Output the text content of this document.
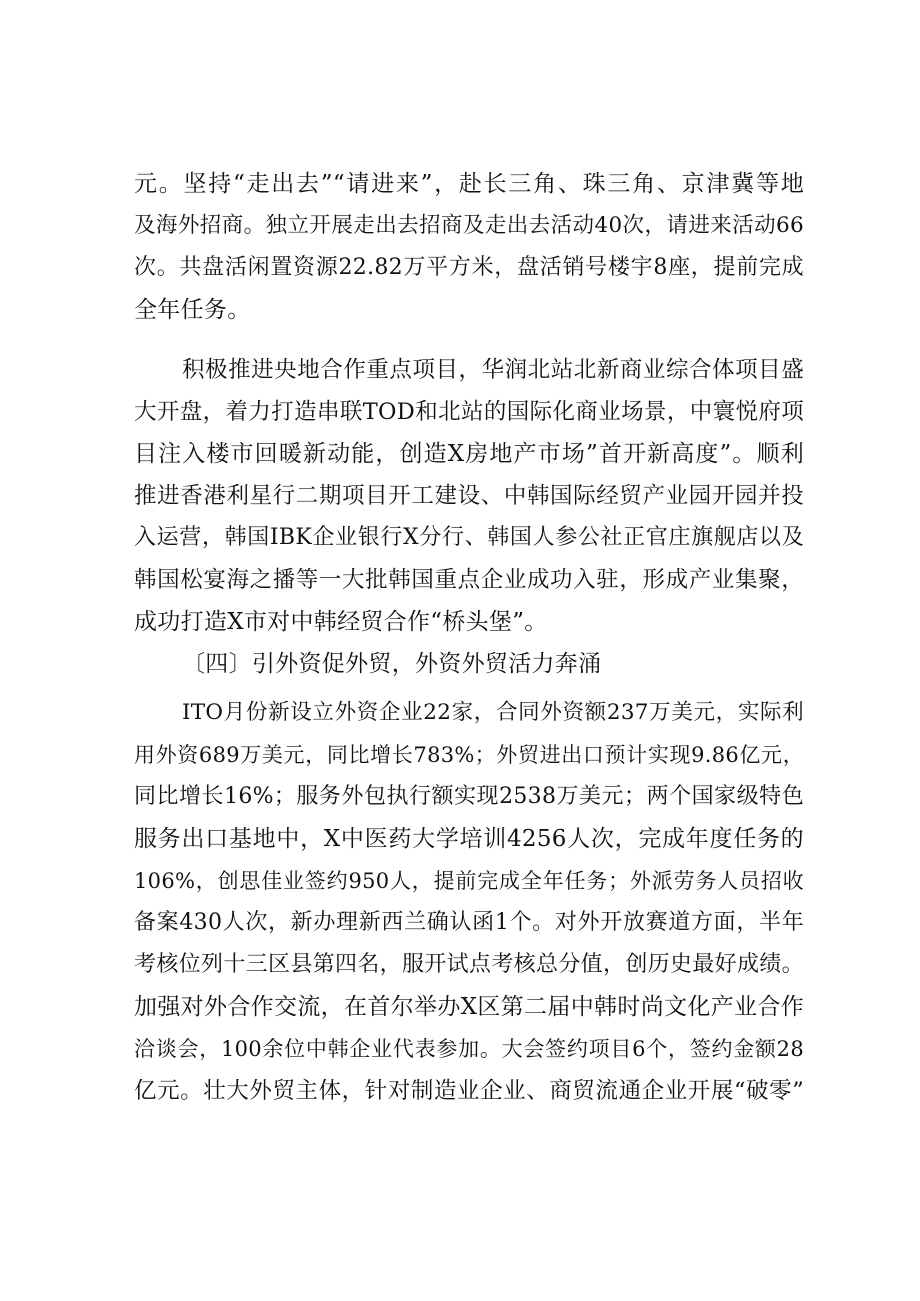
元。坚持“走出去”“请进来”，赴长三角、珠三角、京津冀等地
及海外招商。独立开展走出去招商及走出去活动40次，请进来活动66
次。共盘活闲置资源22.82万平方米，盘活销号楼宇8座，提前完成
全年任务。
积极推进央地合作重点项目，华润北站北新商业综合体项目盛
大开盘，着力打造串联TOD和北站的国际化商业场景，中寰悦府项
目注入楼市回暖新动能，创造X房地产市场”首开新高度”。顺利
推进香港利星行二期项目开工建设、中韩国际经贸产业园开园并投
入运营，韩国IBK企业银行X分行、韩国人参公社正官庄旗舰店以及
韩国松宴海之播等一大批韩国重点企业成功入驻，形成产业集聚，
成功打造X市对中韩经贸合作“桥头堡”。
〔四〕引外资促外贸，外资外贸活力奔涌
ITO月份新设立外资企业22家，合同外资额237万美元，实际利
用外资689万美元，同比增长783%；外贸进出口预计实现9.86亿元，
同比增长16%；服务外包执行额实现2538万美元；两个国家级特色
服务出口基地中，X中医药大学培训4256人次，完成年度任务的
106%，创思佳业签约950人，提前完成全年任务；外派劳务人员招收
备案430人次，新办理新西兰确认函1个。对外开放赛道方面，半年
考核位列十三区县第四名，服开试点考核总分值，创历史最好成绩。
加强对外合作交流，在首尔举办X区第二届中韩时尚文化产业合作
洽谈会，100余位中韩企业代表参加。大会签约项目6个，签约金额28
亿元。壮大外贸主体，针对制造业企业、商贸流通企业开展“破零”
